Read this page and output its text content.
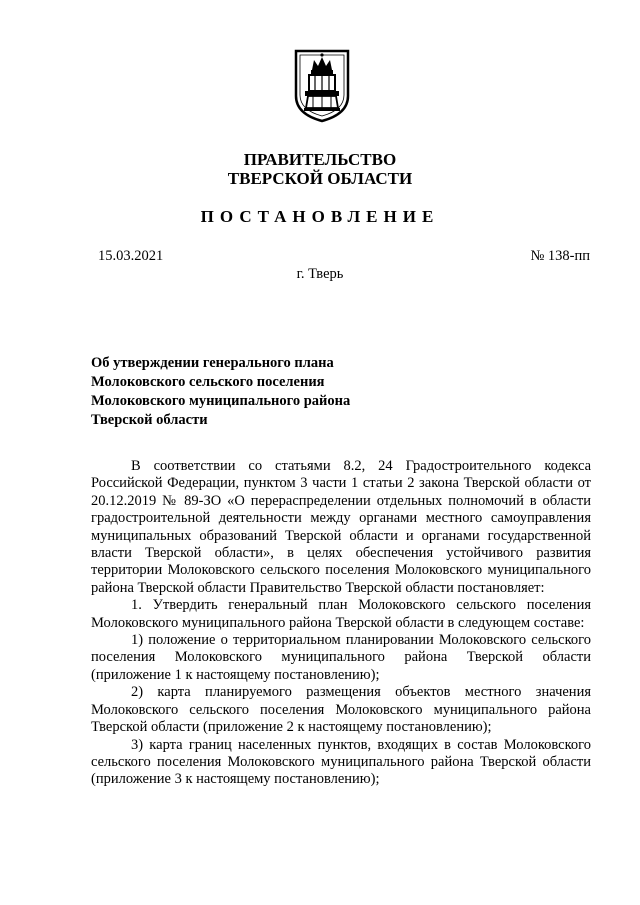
ПРАВИТЕЛЬСТВО
ТВЕРСКОЙ ОБЛАСТИ
ПОСТАНОВЛЕНИЕ
15.03.2021	№ 138-пп
г. Тверь
Об утверждении генерального плана
Молоковского сельского поселения
Молоковского муниципального района
Тверской области

В соответствии со статьями 8.2, 24 Градостроительного кодекса Российской Федерации, пунктом 3 части 1 статьи 2 закона Тверской области от 20.12.2019 № 89-ЗО «О перераспределении отдельных полномочий в области градостроительной деятельности между органами местного самоуправления муниципальных образований Тверской области и органами государственной власти Тверской области», в целях обеспечения устойчивого развития территории Молоковского сельского поселения Молоковского муниципального района Тверской области Правительство Тверской области постановляет:

1. Утвердить генеральный план Молоковского сельского поселения Молоковского муниципального района Тверской области в следующем составе:

1) положение о территориальном планировании Молоковского сельского поселения Молоковского муниципального района Тверской области (приложение 1 к настоящему постановлению);

2) карта планируемого размещения объектов местного значения Молоковского сельского поселения Молоковского муниципального района Тверской области (приложение 2 к настоящему постановлению);

3) карта границ населенных пунктов, входящих в состав Молоковского сельского поселения Молоковского муниципального района Тверской области (приложение 3 к настоящему постановлению);
